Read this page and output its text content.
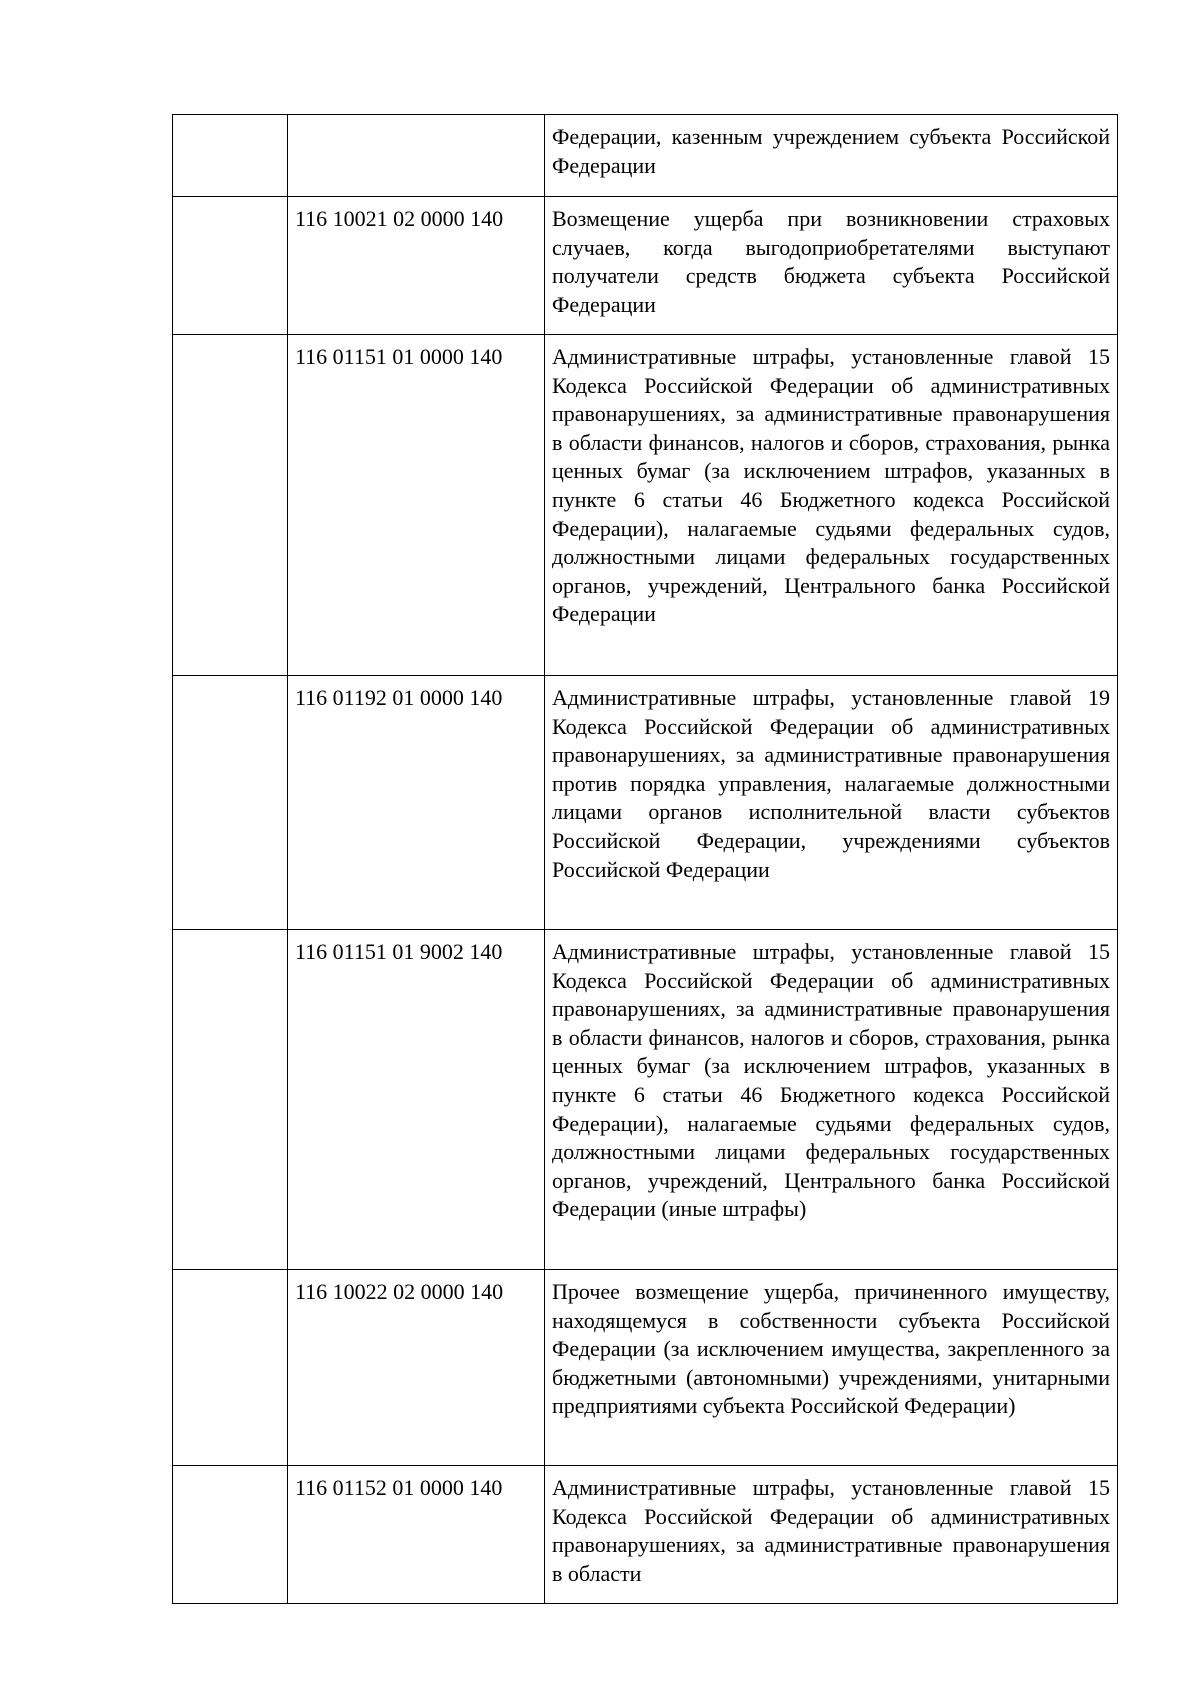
		Федерации, казенным учреждением субъекта Российской Федерации
	116 10021 02 0000 140	Возмещение ущерба при возникновении страховых случаев, когда выгодоприобретателями выступают получатели средств бюджета субъекта Российской Федерации
	116 01151 01 0000 140	Административные штрафы, установленные главой 15 Кодекса Российской Федерации об административных правонарушениях, за административные правонарушения в области финансов, налогов и сборов, страхования, рынка ценных бумаг (за исключением штрафов, указанных в пункте 6 статьи 46 Бюджетного кодекса Российской Федерации), налагаемые судьями федеральных судов, должностными лицами федеральных государственных органов, учреждений, Центрального банка Российской Федерации
	116 01192 01 0000 140	Административные штрафы, установленные главой 19 Кодекса Российской Федерации об административных правонарушениях, за административные правонарушения против порядка управления, налагаемые должностными лицами органов исполнительной власти субъектов Российской Федерации, учреждениями субъектов Российской Федерации
	116 01151 01 9002 140	Административные штрафы, установленные главой 15 Кодекса Российской Федерации об административных правонарушениях, за административные правонарушения в области финансов, налогов и сборов, страхования, рынка ценных бумаг (за исключением штрафов, указанных в пункте 6 статьи 46 Бюджетного кодекса Российской Федерации), налагаемые судьями федеральных судов, должностными лицами федеральных государственных органов, учреждений, Центрального банка Российской Федерации (иные штрафы)
	116 10022 02 0000 140	Прочее возмещение ущерба, причиненного имуществу, находящемуся в собственности субъекта Российской Федерации (за исключением имущества, закрепленного за бюджетными (автономными) учреждениями, унитарными предприятиями субъекта Российской Федерации)
	116 01152 01 0000 140	Административные штрафы, установленные главой 15 Кодекса Российской Федерации об административных правонарушениях, за административные правонарушения в области
